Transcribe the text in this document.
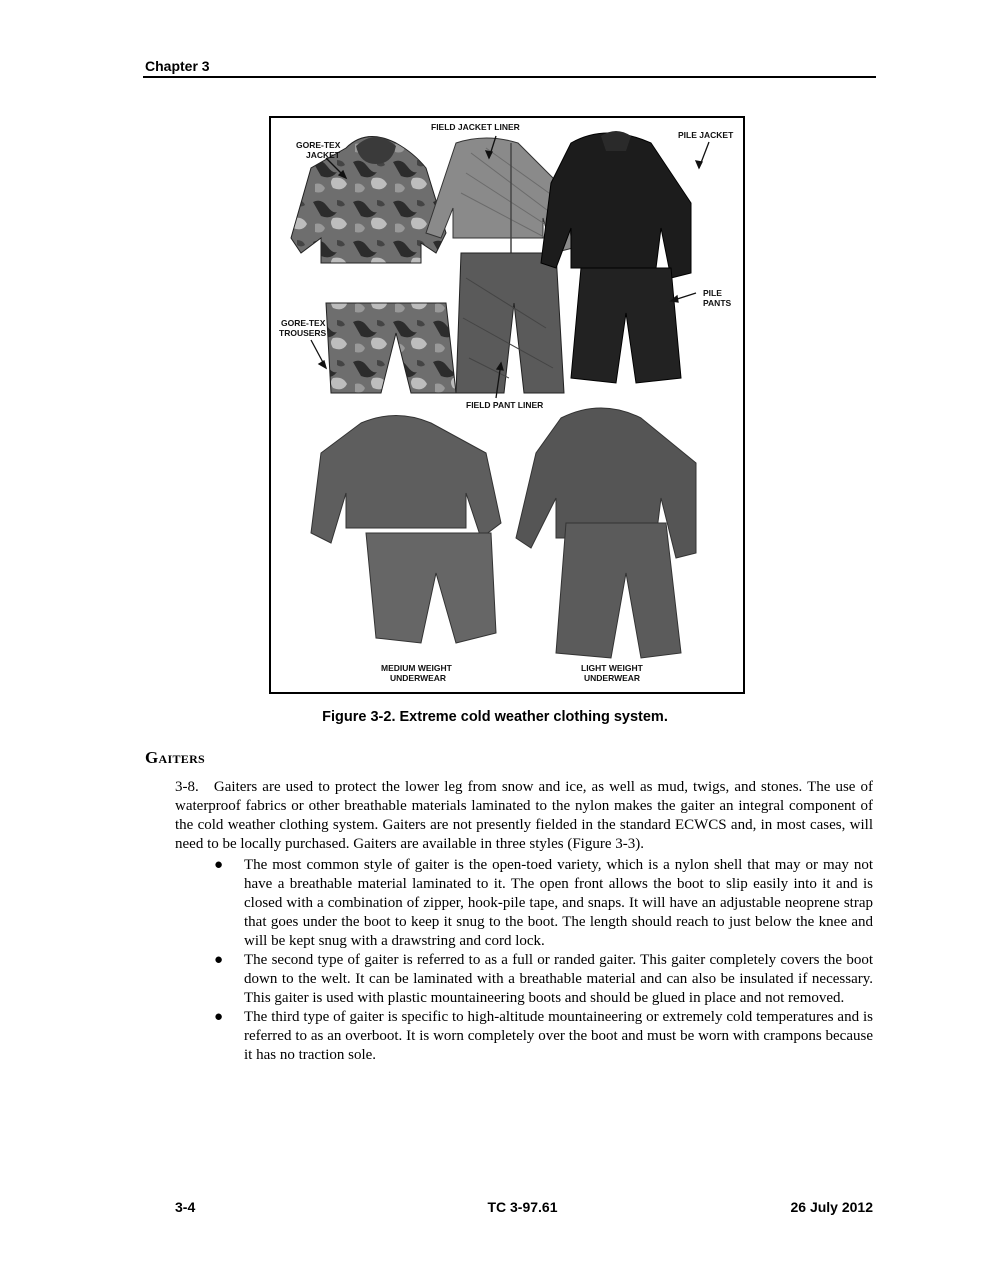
Chapter 3
GORE-TEX
JACKET
FIELD JACKET LINER
PILE JACKET
GORE-TEX
TROUSERS
PILE
PANTS
FIELD PANT LINER
MEDIUM WEIGHT
UNDERWEAR
LIGHT WEIGHT
UNDERWEAR
Figure 3-2. Extreme cold weather clothing system.
Gaiters

3-8.   Gaiters are used to protect the lower leg from snow and ice, as well as mud, twigs, and stones. The use of waterproof fabrics or other breathable materials laminated to the nylon makes the gaiter an integral component of the cold weather clothing system. Gaiters are not presently fielded in the standard ECWCS and, in most cases, will need to be locally purchased. Gaiters are available in three styles (Figure 3-3).

● The most common style of gaiter is the open-toed variety, which is a nylon shell that may or may not have a breathable material laminated to it. The open front allows the boot to slip easily into it and is closed with a combination of zipper, hook-pile tape, and snaps. It will have an adjustable neoprene strap that goes under the boot to keep it snug to the boot. The length should reach to just below the knee and will be kept snug with a drawstring and cord lock.
● The second type of gaiter is referred to as a full or randed gaiter. This gaiter completely covers the boot down to the welt. It can be laminated with a breathable material and can also be insulated if necessary. This gaiter is used with plastic mountaineering boots and should be glued in place and not removed.
● The third type of gaiter is specific to high-altitude mountaineering or extremely cold temperatures and is referred to as an overboot. It is worn completely over the boot and must be worn with crampons because it has no traction sole.
3-4	TC 3-97.61	26 July 2012
